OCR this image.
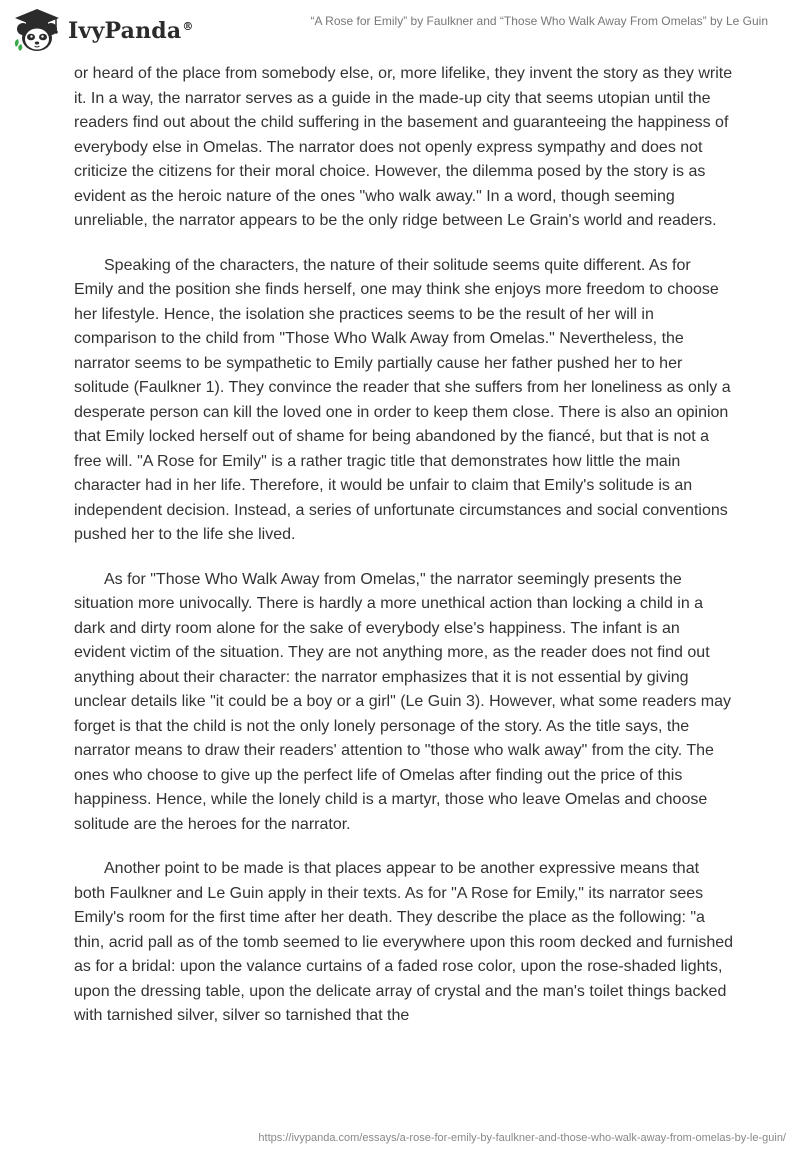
IvyPanda®	“A Rose for Emily” by Faulkner and “Those Who Walk Away From Omelas” by Le Guin

or heard of the place from somebody else, or, more lifelike, they invent the story as they write it. In a way, the narrator serves as a guide in the made-up city that seems utopian until the readers find out about the child suffering in the basement and guaranteeing the happiness of everybody else in Omelas. The narrator does not openly express sympathy and does not criticize the citizens for their moral choice. However, the dilemma posed by the story is as evident as the heroic nature of the ones "who walk away." In a word, though seeming unreliable, the narrator appears to be the only ridge between Le Grain's world and readers.

Speaking of the characters, the nature of their solitude seems quite different. As for Emily and the position she finds herself, one may think she enjoys more freedom to choose her lifestyle. Hence, the isolation she practices seems to be the result of her will in comparison to the child from "Those Who Walk Away from Omelas." Nevertheless, the narrator seems to be sympathetic to Emily partially cause her father pushed her to her solitude (Faulkner 1). They convince the reader that she suffers from her loneliness as only a desperate person can kill the loved one in order to keep them close. There is also an opinion that Emily locked herself out of shame for being abandoned by the fiancé, but that is not a free will. "A Rose for Emily" is a rather tragic title that demonstrates how little the main character had in her life. Therefore, it would be unfair to claim that Emily's solitude is an independent decision. Instead, a series of unfortunate circumstances and social conventions pushed her to the life she lived.

As for "Those Who Walk Away from Omelas," the narrator seemingly presents the situation more univocally. There is hardly a more unethical action than locking a child in a dark and dirty room alone for the sake of everybody else's happiness. The infant is an evident victim of the situation. They are not anything more, as the reader does not find out anything about their character: the narrator emphasizes that it is not essential by giving unclear details like "it could be a boy or a girl" (Le Guin 3). However, what some readers may forget is that the child is not the only lonely personage of the story. As the title says, the narrator means to draw their readers' attention to "those who walk away" from the city. The ones who choose to give up the perfect life of Omelas after finding out the price of this happiness. Hence, while the lonely child is a martyr, those who leave Omelas and choose solitude are the heroes for the narrator.

Another point to be made is that places appear to be another expressive means that both Faulkner and Le Guin apply in their texts. As for "A Rose for Emily," its narrator sees Emily's room for the first time after her death. They describe the place as the following: "a thin, acrid pall as of the tomb seemed to lie everywhere upon this room decked and furnished as for a bridal: upon the valance curtains of a faded rose color, upon the rose-shaded lights, upon the dressing table, upon the delicate array of crystal and the man's toilet things backed with tarnished silver, silver so tarnished that the

https://ivypanda.com/essays/a-rose-for-emily-by-faulkner-and-those-who-walk-away-from-omelas-by-le-guin/
